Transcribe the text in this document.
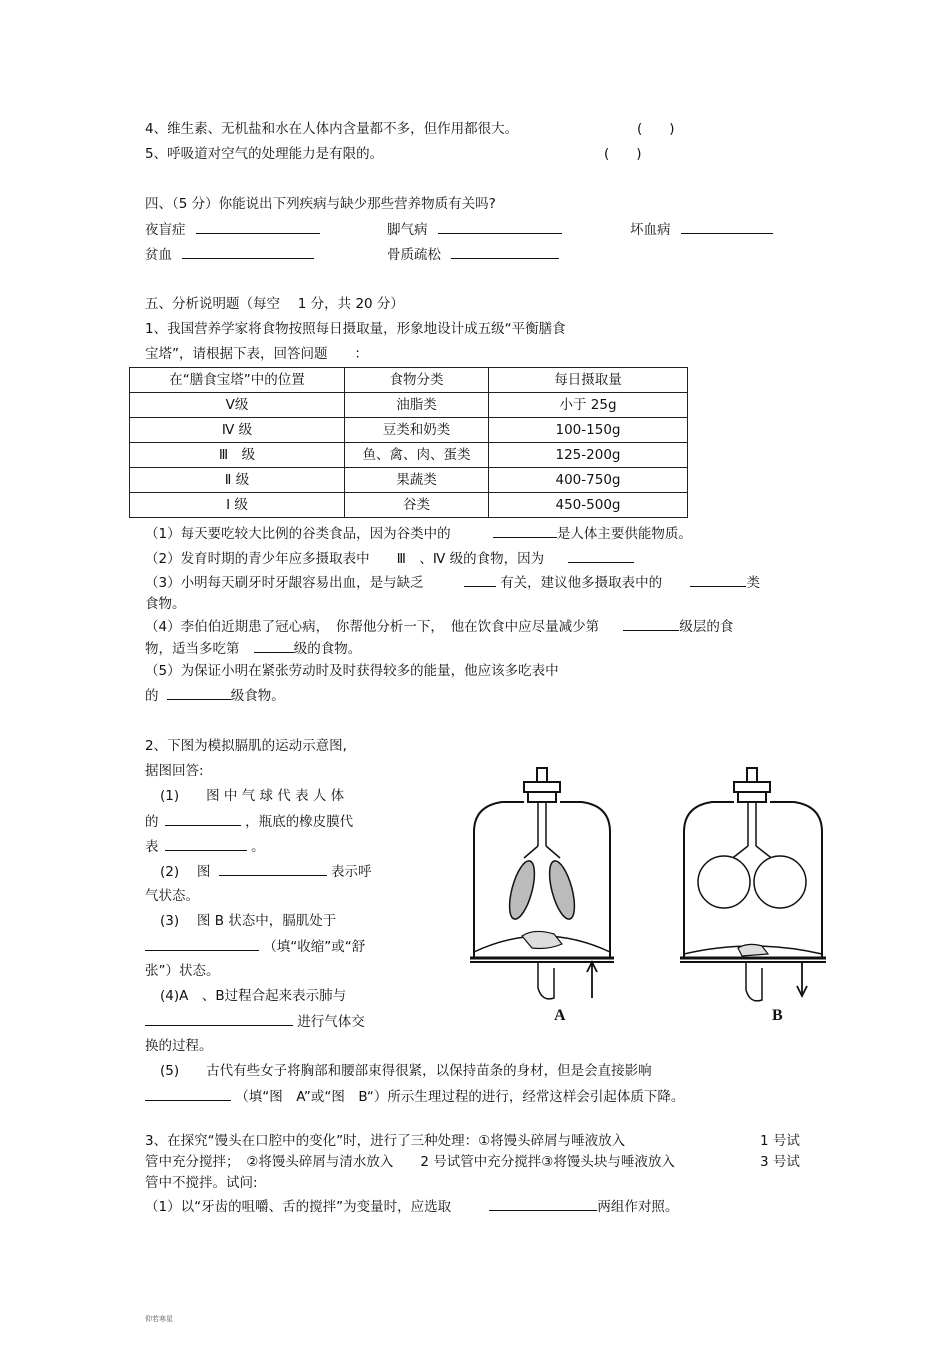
4、维生素、无机盐和水在人体内含量都不多，但作用都很大。	(　　)
5、呼吸道对空气的处理能力是有限的。	(　　)
四、（5 分）你能说出下列疾病与缺少那些营养物质有关吗?
夜盲症	脚气病	坏血病
贫血	骨质疏松
五、分析说明题（每空　 1 分，共 20 分）
1、我国营养学家将食物按照每日摄取量，形象地设计成五级“平衡膳食
宝塔”，请根据下表，回答问题　　：
在“膳食宝塔”中的位置	食物分类	每日摄取量
Ⅴ级	油脂类	小于 25g
Ⅳ 级	豆类和奶类	100-150g
Ⅲ　级	鱼、禽、肉、蛋类	125-200g
Ⅱ 级	果蔬类	400-750g
Ⅰ 级	谷类	450-500g
（1）每天要吃较大比例的谷类食品，因为谷类中的	是人体主要供能物质。
（2）发育时期的青少年应多摄取表中　　Ⅲ　、Ⅳ 级的食物，因为
（3）小明每天刷牙时牙龈容易出血，是与缺乏	有关，建议他多摄取表中的	类
食物。
（4）李伯伯近期患了冠心病，　你帮他分析一下，　他在饮食中应尽量减少第	级层的食
物，适当多吃第	级的食物。
（5）为保证小明在紧张劳动时及时获得较多的能量，他应该多吃表中
的	级食物。
2、下图为模拟膈肌的运动示意图,
据图回答:
(1)　　图 中 气 球 代 表 人 体
的	，瓶底的橡皮膜代
表	。
(2)　 图	表示呼
气状态。
(3)　 图 B 状态中，膈肌处于
（填“收缩”或“舒
张”）状态。
(4)A　、B过程合起来表示肺与
进行气体交
换的过程。
(5)　　古代有些女子将胸部和腰部束得很紧，以保持苗条的身材，但是会直接影响
（填“图　A”或“图　B“）所示生理过程的进行，经常这样会引起体质下降。
A	B
3、在探究“馒头在口腔中的变化”时，进行了三种处理：①将馒头碎屑与唾液放入	1 号试
管中充分搅拌；　②将馒头碎屑与清水放入　　2 号试管中充分搅拌③将馒头块与唾液放入	3 号试
管中不搅拌。试问:
（1）以“牙齿的咀嚼、舌的搅拌”为变量时，应选取	两组作对照。
仰若寒星
